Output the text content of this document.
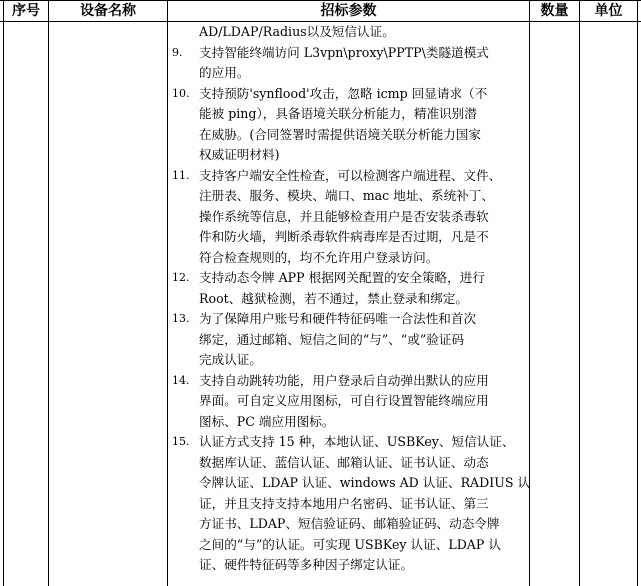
序号	设备名称	招标参数	数量	单位
AD/LDAP/Radius以及短信认证。
9.	支持智能终端访问 L3vpn\proxy\PPTP\类隧道模式
的应用。
10. 支持预防'synflood'攻击，忽略 icmp 回显请求（不
能被 ping），具备语境关联分析能力，精准识别潜
在威胁。(合同签署时需提供语境关联分析能力国家
权威证明材料)
11. 支持客户端安全性检查，可以检测客户端进程、文件、
注册表、服务、模块、端口、mac 地址、系统补丁、
操作系统等信息，并且能够检查用户是否安装杀毒软
件和防火墙，判断杀毒软件病毒库是否过期，凡是不
符合检查规则的，均不允许用户登录访问。
12. 支持动态令牌 APP 根据网关配置的安全策略，进行
Root、越狱检测，若不通过，禁止登录和绑定。
13. 为了保障用户账号和硬件特征码唯一合法性和首次
绑定，通过邮箱、短信之间的“与”、“或”验证码
完成认证。
14. 支持自动跳转功能，用户登录后自动弹出默认的应用
界面。可自定义应用图标，可自行设置智能终端应用
图标、PC 端应用图标。
15. 认证方式支持 15 种，本地认证、USBKey、短信认证、
数据库认证、蓝信认证、邮箱认证、证书认证、动态
令牌认证、LDAP 认证、windows AD 认证、RADIUS 认
证，并且支持支持本地用户名密码、证书认证、第三
方证书、LDAP、短信验证码、邮箱验证码、动态令牌
之间的“与”的认证。可实现 USBKey 认证、LDAP 认
证、硬件特征码等多种因子绑定认证。
